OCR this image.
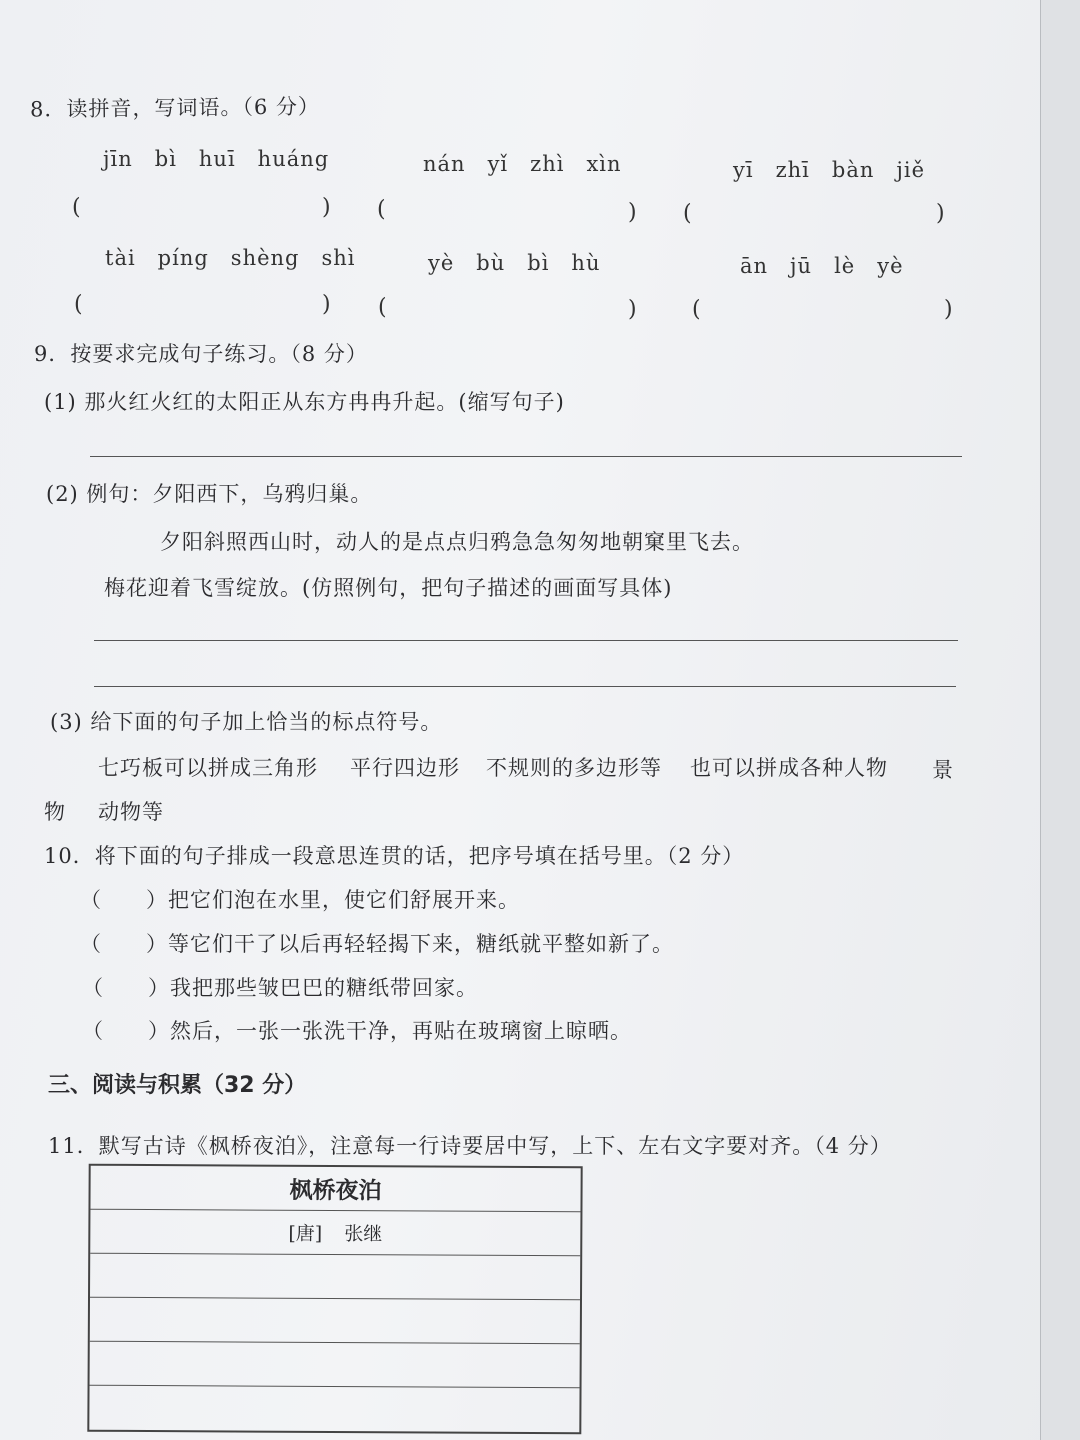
8．读拼音，写词语。（6 分）
jīn　bì　huī　huáng	nán　yǐ　zhì　xìn	yī　zhī　bàn　jiě
(	) (	) (	)
tài　píng　shèng　shì	yè　bù　bì　hù	ān　jū　lè　yè
(	) (	)	(	)
9．按要求完成句子练习。（8 分）
(1) 那火红火红的太阳正从东方冉冉升起。(缩写句子)
(2) 例句：夕阳西下，乌鸦归巢。
夕阳斜照西山时，动人的是点点归鸦急急匆匆地朝窠里飞去。
梅花迎着飞雪绽放。(仿照例句，把句子描述的画面写具体)
(3) 给下面的句子加上恰当的标点符号。
七巧板可以拼成三角形 平行四边形 不规则的多边形等 也可以拼成各种人物 景
物 动物等
10．将下面的句子排成一段意思连贯的话，把序号填在括号里。（2 分）
（　　）把它们泡在水里，使它们舒展开来。
（　　）等它们干了以后再轻轻揭下来，糖纸就平整如新了。
（　　）我把那些皱巴巴的糖纸带回家。
（　　）然后，一张一张洗干净，再贴在玻璃窗上晾晒。
三、阅读与积累（32 分）
11．默写古诗《枫桥夜泊》，注意每一行诗要居中写，上下、左右文字要对齐。（4 分）
枫桥夜泊
[唐] 张继
